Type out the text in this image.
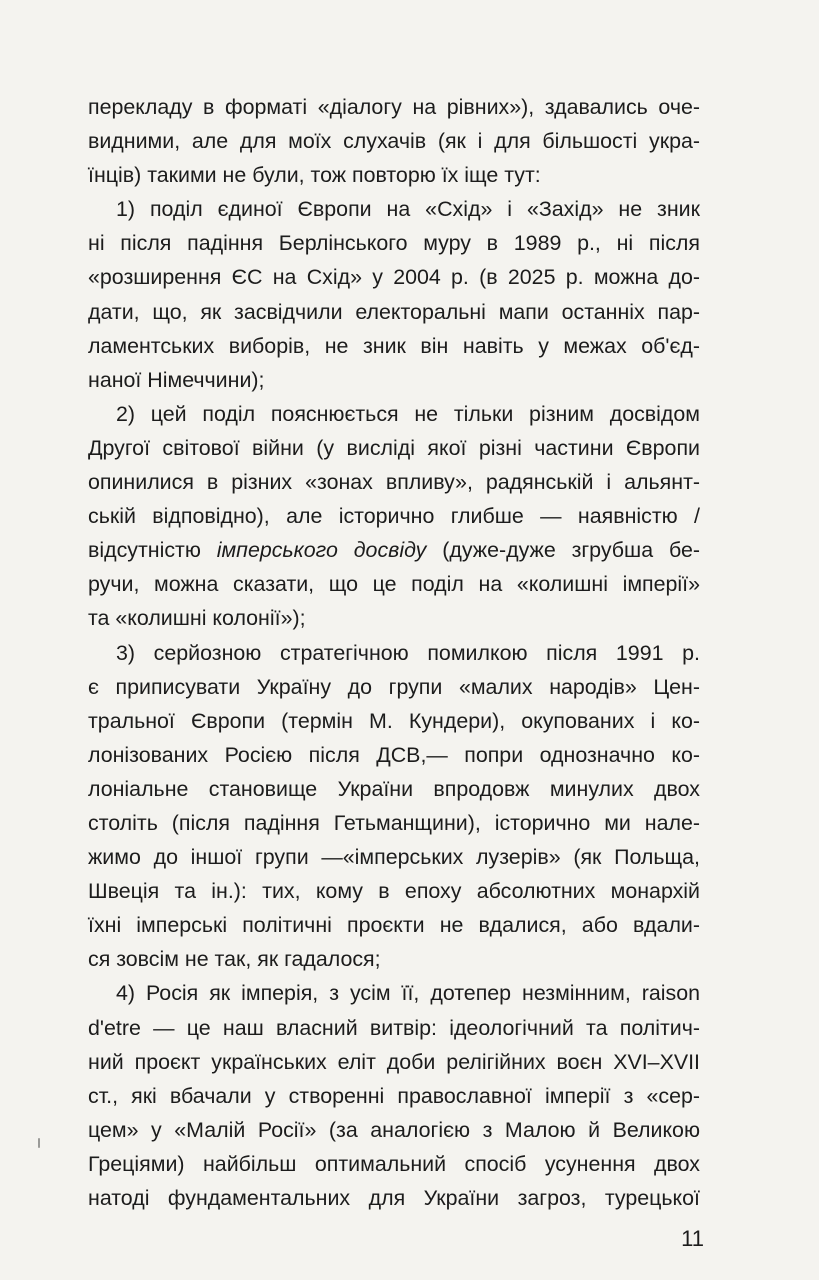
перекладу в форматі «діалогу на рівних»), здавались оче-
видними, але для моїх слухачів (як і для більшості укра-
їнців) такими не були, тож повторю їх іще тут:
1) поділ єдиної Європи на «Схід» і «Захід» не зник
ні після падіння Берлінського муру в 1989 р., ні після
«розширення ЄС на Схід» у 2004 р. (в 2025 р. можна до-
дати, що, як засвідчили електоральні мапи останніх пар-
ламентських виборів, не зник він навіть у межах об'єд-
наної Німеччини);
2) цей поділ пояснюється не тільки різним досвідом
Другої світової війни (у висліді якої різні частини Європи
опинилися в різних «зонах впливу», радянській і альянт-
ській відповідно), але історично глибше — наявністю /
відсутністю імперського досвіду (дуже-дуже згрубша бе-
ручи, можна сказати, що це поділ на «колишні імперії»
та «колишні колонії»);
3) серйозною стратегічною помилкою після 1991 р.
є приписувати Україну до групи «малих народів» Цен-
тральної Європи (термін М. Кундери), окупованих і ко-
лонізованих Росією після ДСВ,— попри однозначно ко-
лоніальне становище України впродовж минулих двох
століть (після падіння Гетьманщини), історично ми нале-
жимо до іншої групи —«імперських лузерів» (як Польща,
Швеція та ін.): тих, кому в епоху абсолютних монархій
їхні імперські політичні проєкти не вдалися, або вдали-
ся зовсім не так, як гадалося;
4) Росія як імперія, з усім її, дотепер незмінним, raison
d'etre — це наш власний витвір: ідеологічний та політич-
ний проєкт українських еліт доби релігійних воєн XVI–XVII
ст., які вбачали у створенні православної імперії з «сер-
цем» у «Малій Росії» (за аналогією з Малою й Великою
Греціями) найбільш оптимальний спосіб усунення двох
натоді фундаментальних для України загроз, турецької
11
